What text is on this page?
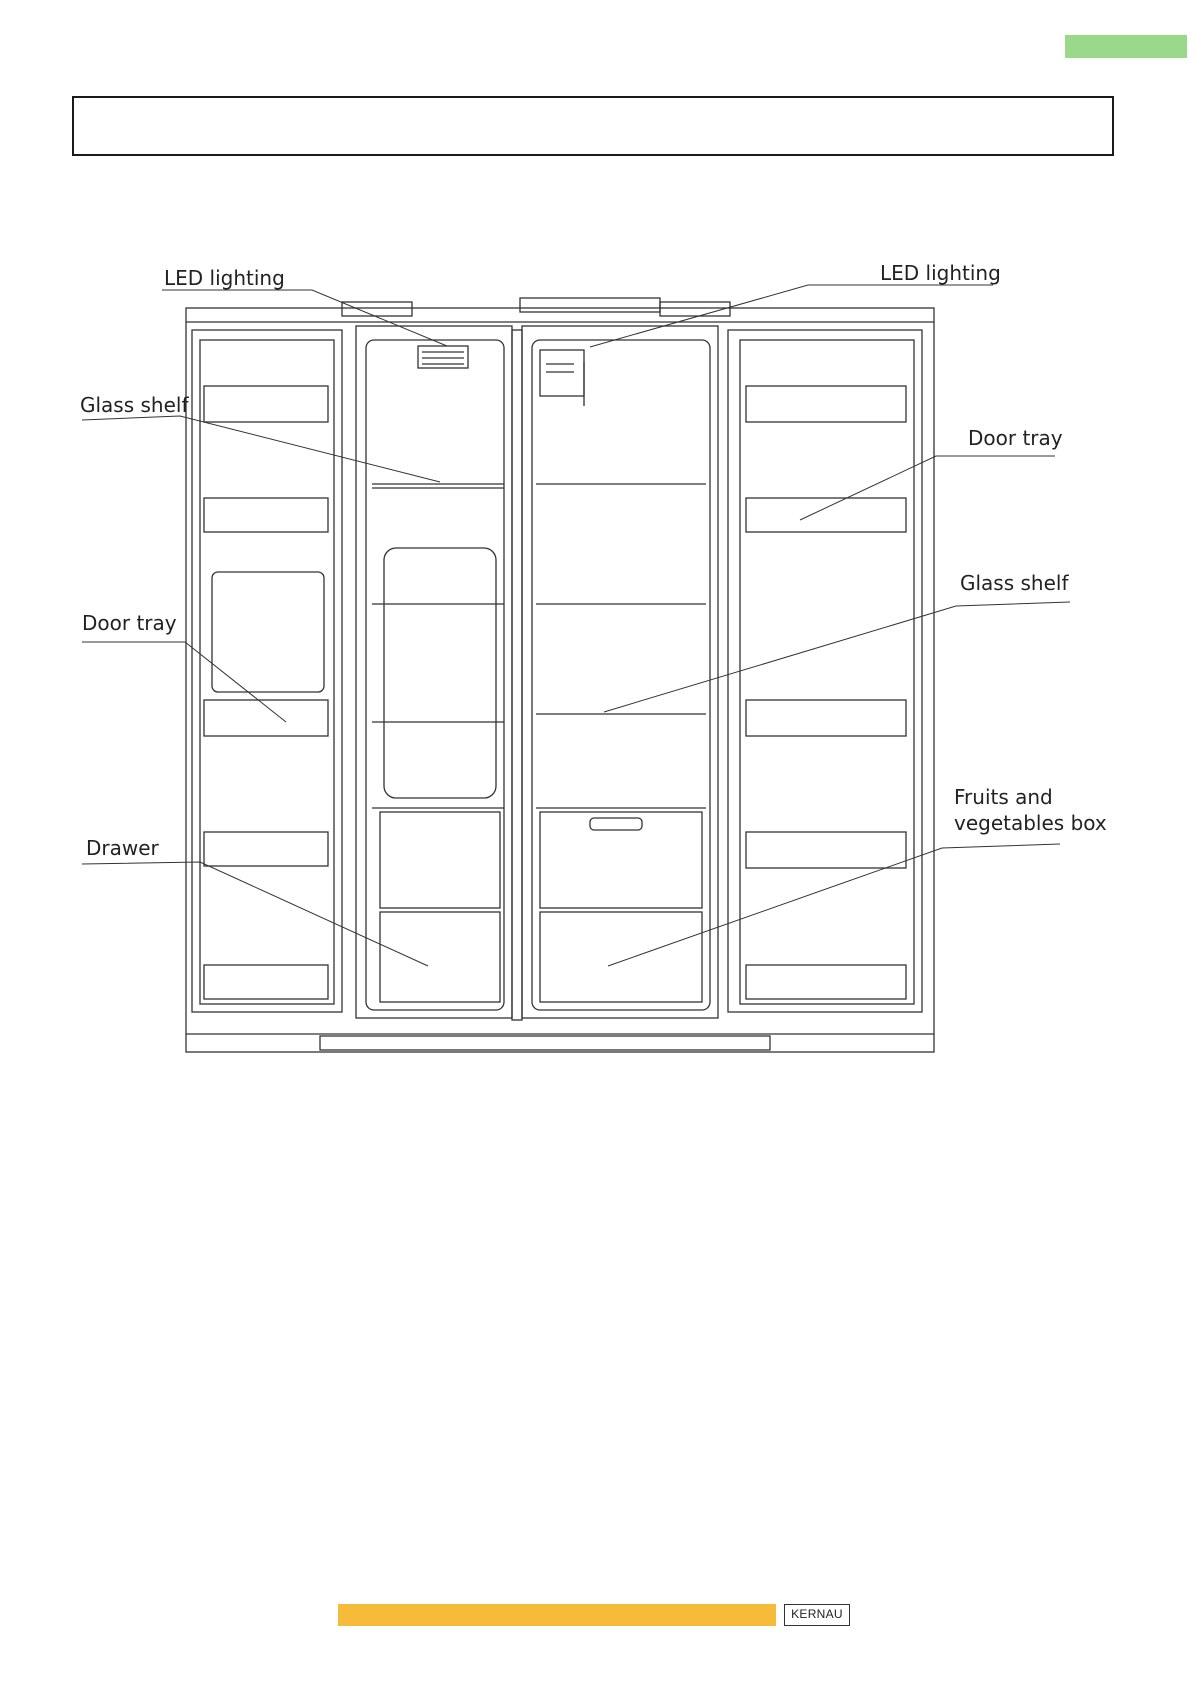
LED lighting	LED lighting
Glass shelf
Door tray
Glass shelf
Door tray
Fruits and
vegetables box
Drawer
KERNAU
